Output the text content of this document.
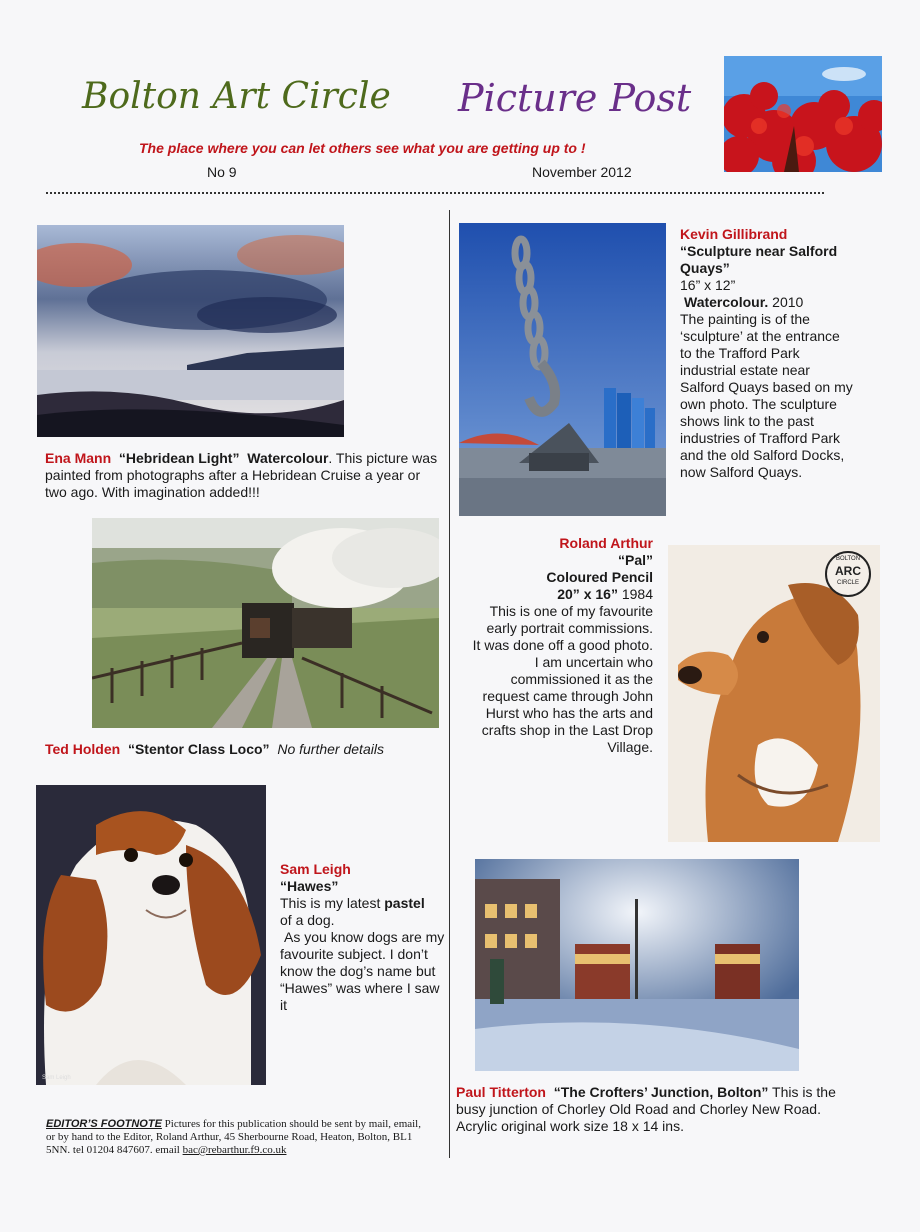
Bolton Art Circle Picture Post
The place where you can let others see what you are getting up to !
No 9	November 2012
Ena Mann “Hebridean Light” Watercolour. This picture was painted from photographs after a Hebridean Cruise a year or two ago. With imagination added!!!
Ted Holden “Stentor Class Loco” No further details
Sam Leigh
Sam Leigh
“Hawes”
This is my latest pastel
of a dog.
As you know dogs are my favourite subject. I don’t know the dog’s name but “Hawes” was where I saw it
Kevin Gillibrand
“Sculpture near Salford Quays”
16” x 12”
Watercolour. 2010
The painting is of the ‘sculpture’ at the entrance to the Trafford Park industrial estate near Salford Quays based on my own photo. The sculpture shows link to the past industries of Trafford Park and the old Salford Docks, now Salford Quays.
Roland Arthur
“Pal”
Coloured Pencil
20” x 16” 1984
This is one of my favourite
early portrait commissions.
It was done off a good photo.
I am uncertain who
commissioned it as the
request came through John
Hurst who has the arts and
crafts shop in the Last Drop
Village.
BOLTON
ARC
CIRCLE
Paul Titterton “The Crofters’ Junction, Bolton” This is the busy junction of Chorley Old Road and Chorley New Road. Acrylic original work size 18 x 14 ins.
EDITOR’S FOOTNOTE Pictures for this publication should be sent by mail, email, or by hand to the Editor, Roland Arthur, 45 Sherbourne Road, Heaton, Bolton, BL1 5NN. tel 01204 847607. email bac@rebarthur.f9.co.uk
